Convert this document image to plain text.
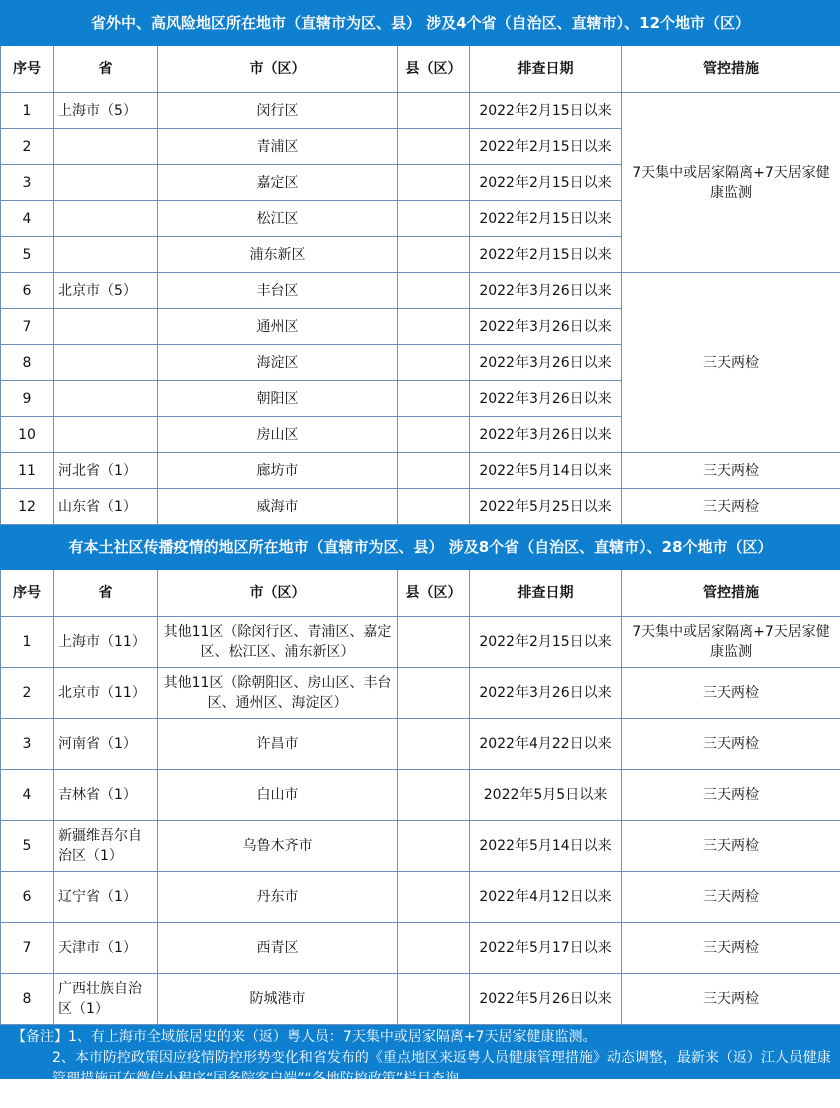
省外中、高风险地区所在地市（直辖市为区、县） 涉及4个省（自治区、直辖市）、12个地市（区）					
序号	省	市（区）	县（区）	排查日期	管控措施
1	上海市（5）	闵行区		2022年2月15日以来	7天集中或居家隔离+7天居家健康监测
2		青浦区		2022年2月15日以来	
3		嘉定区		2022年2月15日以来	
4		松江区		2022年2月15日以来	
5		浦东新区		2022年2月15日以来	
6	北京市（5）	丰台区		2022年3月26日以来	三天两检
7		通州区		2022年3月26日以来	
8		海淀区		2022年3月26日以来	
9		朝阳区		2022年3月26日以来	
10		房山区		2022年3月26日以来	
11	河北省（1）	廊坊市		2022年5月14日以来	三天两检
12	山东省（1）	威海市		2022年5月25日以来	三天两检
有本土社区传播疫情的地区所在地市（直辖市为区、县） 涉及8个省（自治区、直辖市）、28个地市（区）					
序号	省	市（区）	县（区）	排查日期	管控措施
1	上海市（11）	其他11区（除闵行区、青浦区、嘉定区、松江区、浦东新区）		2022年2月15日以来	7天集中或居家隔离+7天居家健康监测
2	北京市（11）	其他11区（除朝阳区、房山区、丰台区、通州区、海淀区）		2022年3月26日以来	三天两检
3	河南省（1）	许昌市		2022年4月22日以来	三天两检
4	吉林省（1）	白山市		2022年5月5日以来	三天两检
5	新疆维吾尔自治区（1）	乌鲁木齐市		2022年5月14日以来	三天两检
6	辽宁省（1）	丹东市		2022年4月12日以来	三天两检
7	天津市（1）	西青区		2022年5月17日以来	三天两检
8	广西壮族自治区（1）	防城港市		2022年5月26日以来	三天两检

【备注】1、有上海市全域旅居史的来（返）粤人员：7天集中或居家隔离+7天居家健康监测。

2、本市防控政策因应疫情防控形势变化和省发布的《重点地区来返粤人员健康管理措施》动态调整，最新来（返）江人员健康管理措施可在微信小程序“国务院客户端”“各地防控政策”栏目查询。
